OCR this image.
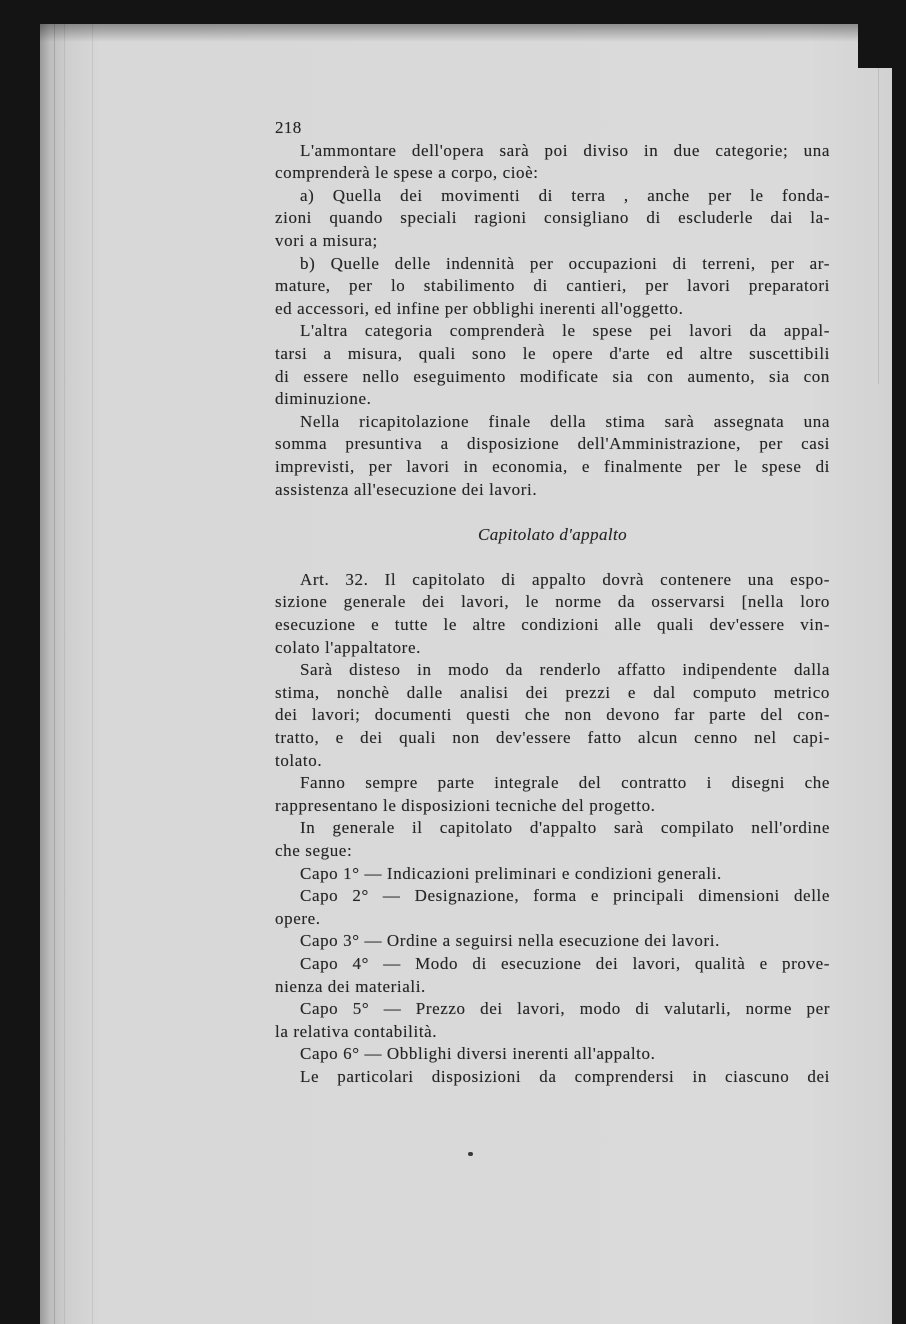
218
L'ammontare dell'opera sarà poi diviso in due categorie; una
comprenderà le spese a corpo, cioè:
a) Quella dei movimenti di terra , anche per le fonda-
zioni quando speciali ragioni consigliano di escluderle dai la-
vori a misura;
b) Quelle delle indennità per occupazioni di terreni, per ar-
mature, per lo stabilimento di cantieri, per lavori preparatori
ed accessori, ed infine per obblighi inerenti all'oggetto.
L'altra categoria comprenderà le spese pei lavori da appal-
tarsi a misura, quali sono le opere d'arte ed altre suscettibili
di essere nello eseguimento modificate sia con aumento, sia con
diminuzione.
Nella ricapitolazione finale della stima sarà assegnata una
somma presuntiva a disposizione dell'Amministrazione, per casi
imprevisti, per lavori in economia, e finalmente per le spese di
assistenza all'esecuzione dei lavori.
Capitolato d'appalto
Art. 32. Il capitolato di appalto dovrà contenere una espo-
sizione generale dei lavori, le norme da osservarsi [nella loro
esecuzione e tutte le altre condizioni alle quali dev'essere vin-
colato l'appaltatore.
Sarà disteso in modo da renderlo affatto indipendente dalla
stima, nonchè dalle analisi dei prezzi e dal computo metrico
dei lavori; documenti questi che non devono far parte del con-
tratto, e dei quali non dev'essere fatto alcun cenno nel capi-
tolato.
Fanno sempre parte integrale del contratto i disegni che
rappresentano le disposizioni tecniche del progetto.
In generale il capitolato d'appalto sarà compilato nell'ordine
che segue:
Capo 1° — Indicazioni preliminari e condizioni generali.
Capo 2° — Designazione, forma e principali dimensioni delle
opere.
Capo 3° — Ordine a seguirsi nella esecuzione dei lavori.
Capo 4° — Modo di esecuzione dei lavori, qualità e prove-
nienza dei materiali.
Capo 5° — Prezzo dei lavori, modo di valutarli, norme per
la relativa contabilità.
Capo 6° — Obblighi diversi inerenti all'appalto.
Le particolari disposizioni da comprendersi in ciascuno dei
